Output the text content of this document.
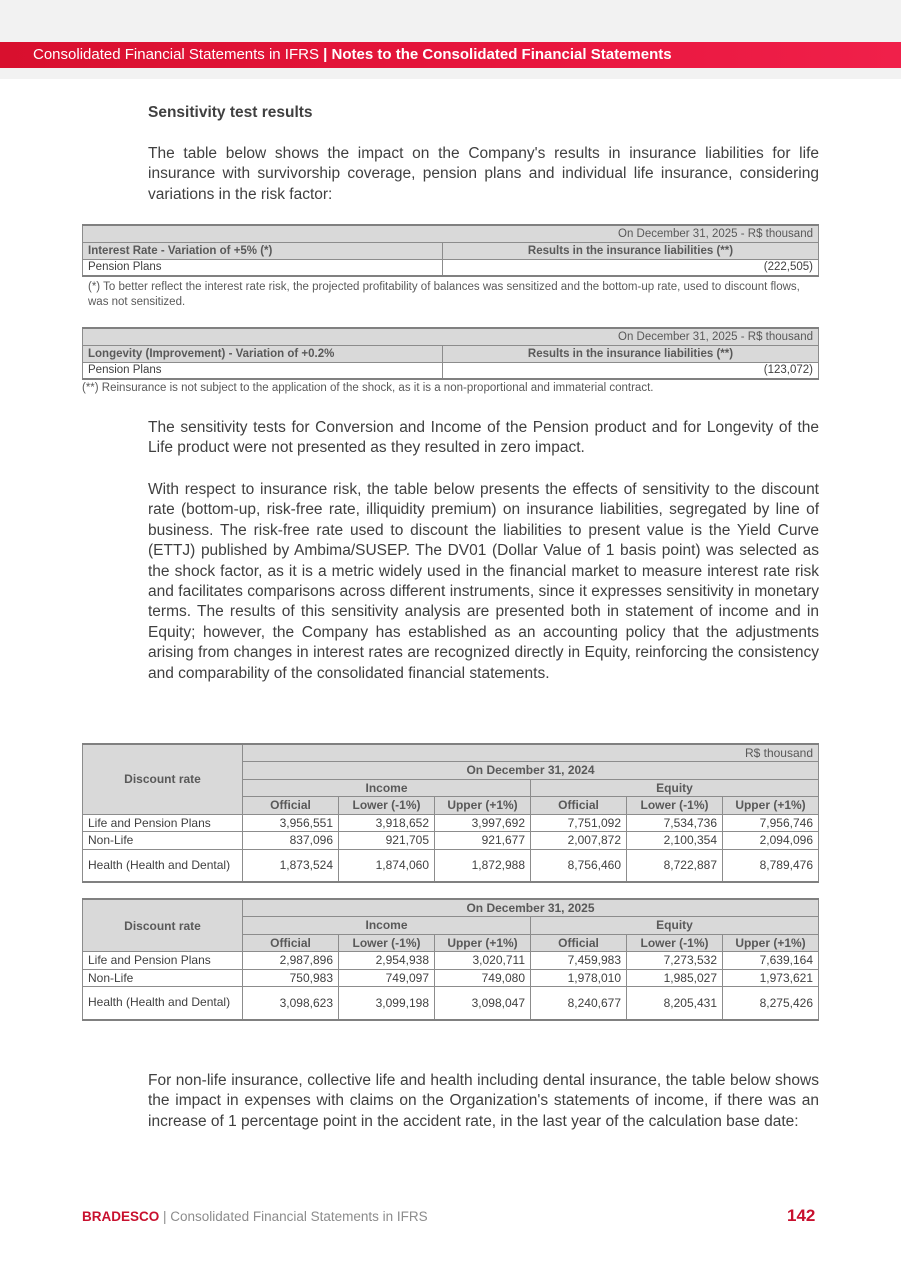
Consolidated Financial Statements in IFRS | Notes to the Consolidated Financial Statements
Sensitivity test results
The table below shows the impact on the Company's results in insurance liabilities for life insurance with survivorship coverage, pension plans and individual life insurance, considering variations in the risk factor:
On December 31, 2025 - R$ thousand	
Interest Rate - Variation of +5% (*)	Results in the insurance liabilities (**)
Pension Plans	(222,505)
(*) To better reflect the interest rate risk, the projected profitability of balances was sensitized and the bottom-up rate, used to discount flows, was not sensitized.
On December 31, 2025 - R$ thousand	
Longevity (Improvement) - Variation of +0.2%	Results in the insurance liabilities (**)
Pension Plans	(123,072)
(**) Reinsurance is not subject to the application of the shock, as it is a non-proportional and immaterial contract.
The sensitivity tests for Conversion and Income of the Pension product and for Longevity of the Life product were not presented as they resulted in zero impact.
With respect to insurance risk, the table below presents the effects of sensitivity to the discount rate (bottom-up, risk-free rate, illiquidity premium) on insurance liabilities, segregated by line of business. The risk-free rate used to discount the liabilities to present value is the Yield Curve (ETTJ) published by Ambima/SUSEP. The DV01 (Dollar Value of 1 basis point) was selected as the shock factor, as it is a metric widely used in the financial market to measure interest rate risk and facilitates comparisons across different instruments, since it expresses sensitivity in monetary terms. The results of this sensitivity analysis are presented both in statement of income and in Equity; however, the Company has established as an accounting policy that the adjustments arising from changes in interest rates are recognized directly in Equity, reinforcing the consistency and comparability of the consolidated financial statements.
Discount rate	R$ thousand					
	On December 31, 2024					
	Income			Equity		
	Official	Lower (-1%)	Upper (+1%)	Official	Lower (-1%)	Upper (+1%)
Life and Pension Plans	3,956,551	3,918,652	3,997,692	7,751,092	7,534,736	7,956,746
Non-Life	837,096	921,705	921,677	2,007,872	2,100,354	2,094,096
Health (Health and Dental)	1,873,524	1,874,060	1,872,988	8,756,460	8,722,887	8,789,476
Discount rate	On December 31, 2025					
	Income			Equity		
	Official	Lower (-1%)	Upper (+1%)	Official	Lower (-1%)	Upper (+1%)
Life and Pension Plans	2,987,896	2,954,938	3,020,711	7,459,983	7,273,532	7,639,164
Non-Life	750,983	749,097	749,080	1,978,010	1,985,027	1,973,621
Health (Health and Dental)	3,098,623	3,099,198	3,098,047	8,240,677	8,205,431	8,275,426
For non-life insurance, collective life and health including dental insurance, the table below shows the impact in expenses with claims on the Organization's statements of income, if there was an increase of 1 percentage point in the accident rate, in the last year of the calculation base date:
BRADESCO | Consolidated Financial Statements in IFRS	142
